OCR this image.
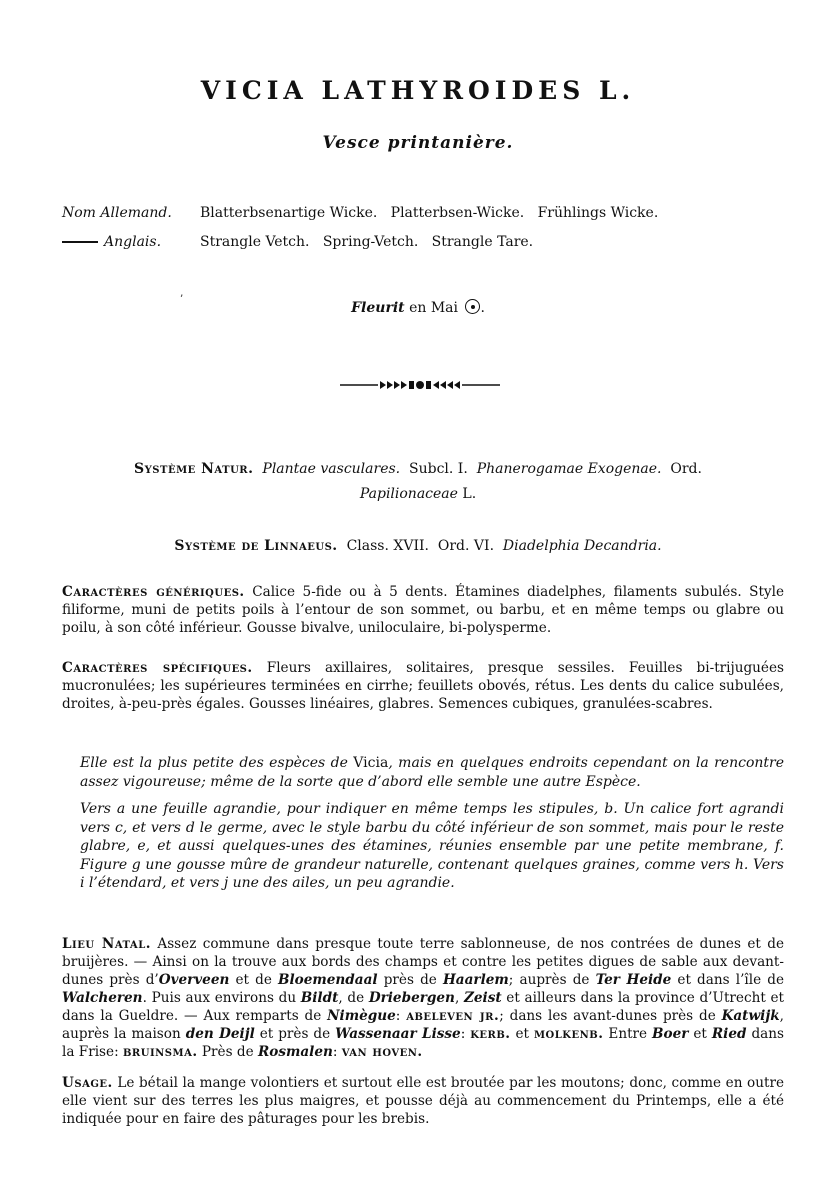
VICIA LATHYROIDES L.
Vesce printanière.
Nom Allemand. Blatterbsenartige Wicke.   Platterbsen-Wicke.   Frühlings Wicke.
Anglais.	Strangle Vetch.   Spring-Vetch.   Strangle Tare.
’
Fleurit en Mai .
Système Natur. Plantae vasculares. Subcl. I. Phanerogamae Exogenae. Ord.
Papilionaceae L.
Système de Linnaeus. Class. XVII. Ord. VI. Diadelphia Decandria.

Caractères génériques. Calice 5-fide ou à 5 dents. Étamines diadelphes, filaments subulés. Style filiforme, muni de petits poils à l’entour de son sommet, ou barbu, et en même temps ou glabre ou poilu, à son côté inférieur. Gousse bivalve, uniloculaire, bi-polysperme.

Caractères spécifiques. Fleurs axillaires, solitaires, presque sessiles. Feuilles bi-trijuguées mucronulées; les supérieures terminées en cirrhe; feuillets obovés, rétus. Les dents du calice subulées, droites, à-peu-près égales. Gousses linéaires, glabres. Semences cubiques, granulées-scabres.

Elle est la plus petite des espèces de Vicia, mais en quelques endroits cependant on la rencontre assez vigoureuse; même de la sorte que d’abord elle semble une autre Espèce.

Vers a une feuille agrandie, pour indiquer en même temps les stipules, b. Un calice fort agrandi vers c, et vers d le germe, avec le style barbu du côté inférieur de son sommet, mais pour le reste glabre, e, et aussi quelques-unes des étamines, réunies ensemble par une petite membrane, f. Figure g une gousse mûre de grandeur naturelle, contenant quelques graines, comme vers h. Vers i l’étendard, et vers j une des ailes, un peu agrandie.

Lieu Natal. Assez commune dans presque toute terre sablonneuse, de nos contrées de dunes et de bruijères. — Ainsi on la trouve aux bords des champs et contre les petites digues de sable aux devant-dunes près d’Overveen et de Bloemendaal près de Haarlem; auprès de Ter Heide et dans l’île de Walcheren. Puis aux environs du Bildt, de Driebergen, Zeist et ailleurs dans la province d’Utrecht et dans la Gueldre. — Aux remparts de Nimègue: abeleven jr.; dans les avant-dunes près de Katwijk, auprès la maison den Deijl et près de Wassenaar Lisse: kerb. et molkenb. Entre Boer et Ried dans la Frise: bruinsma. Près de Rosmalen: van hoven.

Usage. Le bétail la mange volontiers et surtout elle est broutée par les moutons; donc, comme en outre elle vient sur des terres les plus maigres, et pousse déjà au commencement du Printemps, elle a été indiquée pour en faire des pâturages pour les brebis.
